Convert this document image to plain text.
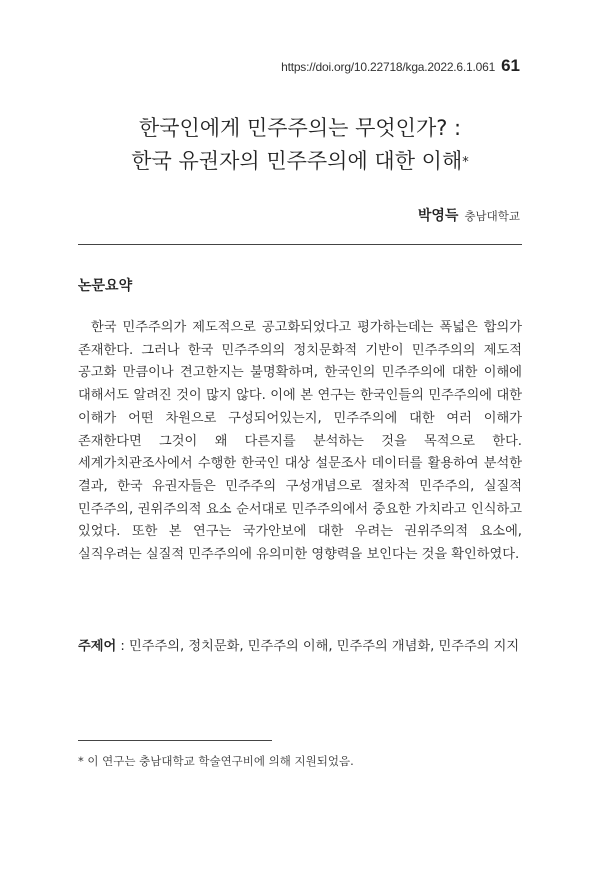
https://doi.org/10.22718/kga.2022.6.1.061 61
한국인에게 민주주의는 무엇인가? :
한국 유권자의 민주주의에 대한 이해*
박영득 충남대학교
논문요약

한국 민주주의가 제도적으로 공고화되었다고 평가하는데는 폭넓은 합의가 존재한다. 그러나 한국 민주주의의 정치문화적 기반이 민주주의의 제도적 공고화 만큼이나 견고한지는 불명확하며, 한국인의 민주주의에 대한 이해에 대해서도 알려진 것이 많지 않다. 이에 본 연구는 한국인들의 민주주의에 대한 이해가 어떤 차원으로 구성되어있는지, 민주주의에 대한 여러 이해가 존재한다면 그것이 왜 다른지를 분석하는 것을 목적으로 한다. 세계가치관조사에서 수행한 한국인 대상 설문조사 데이터를 활용하여 분석한 결과, 한국 유권자들은 민주주의 구성개념으로 절차적 민주주의, 실질적 민주주의, 권위주의적 요소 순서대로 민주주의에서 중요한 가치라고 인식하고 있었다. 또한 본 연구는 국가안보에 대한 우려는 권위주의적 요소에, 실직우려는 실질적 민주주의에 유의미한 영향력을 보인다는 것을 확인하였다.

주제어 : 민주주의, 정치문화, 민주주의 이해, 민주주의 개념화, 민주주의 지지
* 이 연구는 충남대학교 학술연구비에 의해 지원되었음.
